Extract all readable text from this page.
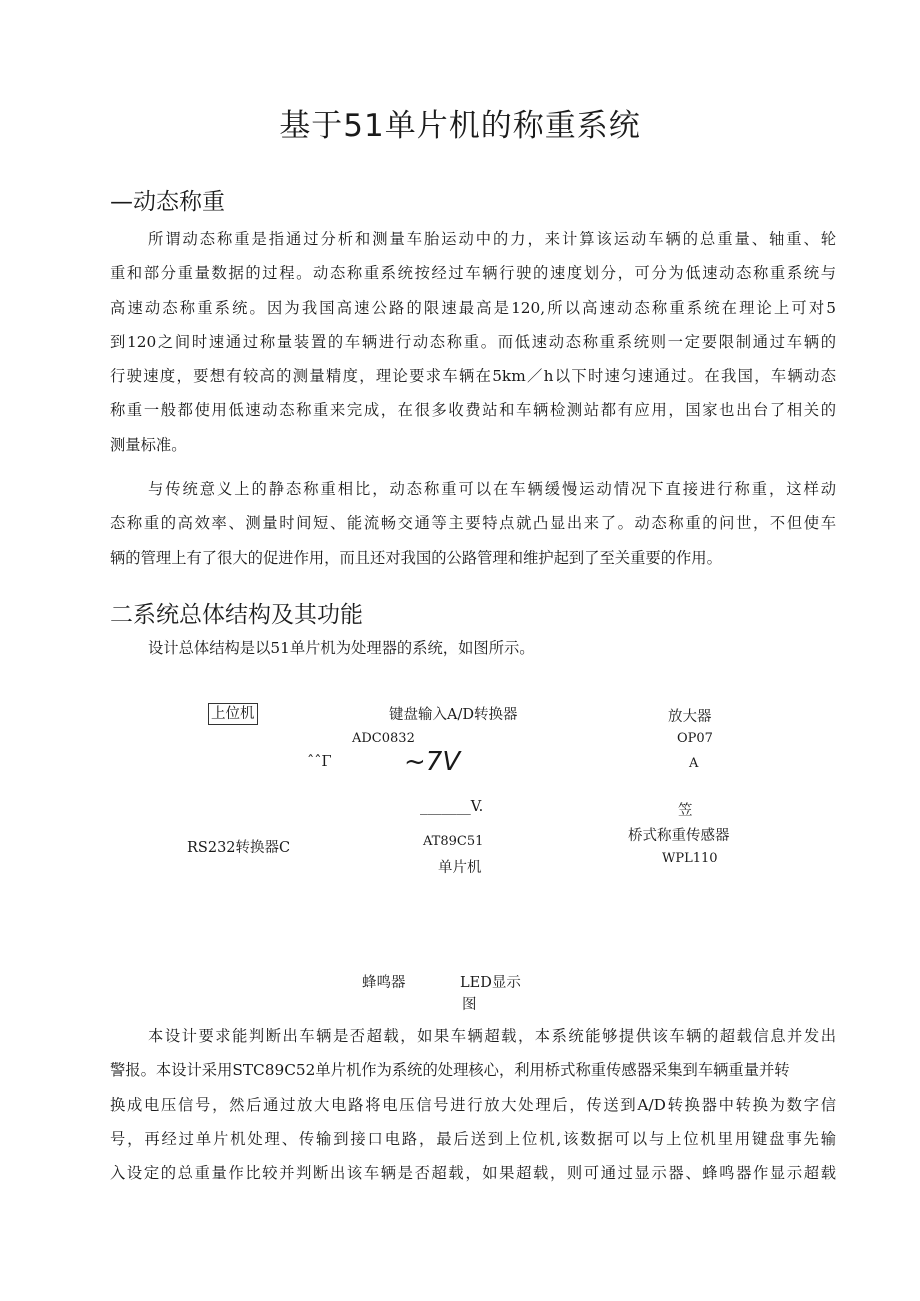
基于51单片机的称重系统
—动态称重
所谓动态称重是指通过分析和测量车胎运动中的力，来计算该运动车辆的总重量、轴重、轮
重和部分重量数据的过程。动态称重系统按经过车辆行驶的速度划分，可分为低速动态称重系统与
高速动态称重系统。因为我国高速公路的限速最高是120,所以高速动态称重系统在理论上可对5
到120之间时速通过称量装置的车辆进行动态称重。而低速动态称重系统则一定要限制通过车辆的
行驶速度，要想有较高的测量精度，理论要求车辆在5km／h以下时速匀速通过。在我国，车辆动态
称重一般都使用低速动态称重来完成，在很多收费站和车辆检测站都有应用，国家也出台了相关的
测量标准。
与传统意义上的静态称重相比，动态称重可以在车辆缓慢运动情况下直接进行称重，这样动
态称重的高效率、测量时间短、能流畅交通等主要特点就凸显出来了。动态称重的问世，不但使车
辆的管理上有了很大的促进作用，而且还对我国的公路管理和维护起到了至关重要的作用。
二系统总体结构及其功能
设计总体结构是以51单片机为处理器的系统，如图所示。
上位机	键盘输入A/D转换器	放大器
ADC0832	OP07
ˆˆΓ	~7V	A
_______V.	笠
桥式称重传感器
AT89C51
RS232转换器C
WPL110
单片机
蜂鸣器	LED显示
图
本设计要求能判断出车辆是否超载，如果车辆超载，本系统能够提供该车辆的超载信息并发出
警报。本设计采用STC89C52单片机作为系统的处理核心，利用桥式称重传感器采集到车辆重量并转
换成电压信号，然后通过放大电路将电压信号进行放大处理后，传送到A/D转换器中转换为数字信
号，再经过单片机处理、传输到接口电路，最后送到上位机,该数据可以与上位机里用键盘事先输
入设定的总重量作比较并判断出该车辆是否超载，如果超载，则可通过显示器、蜂鸣器作显示超载
